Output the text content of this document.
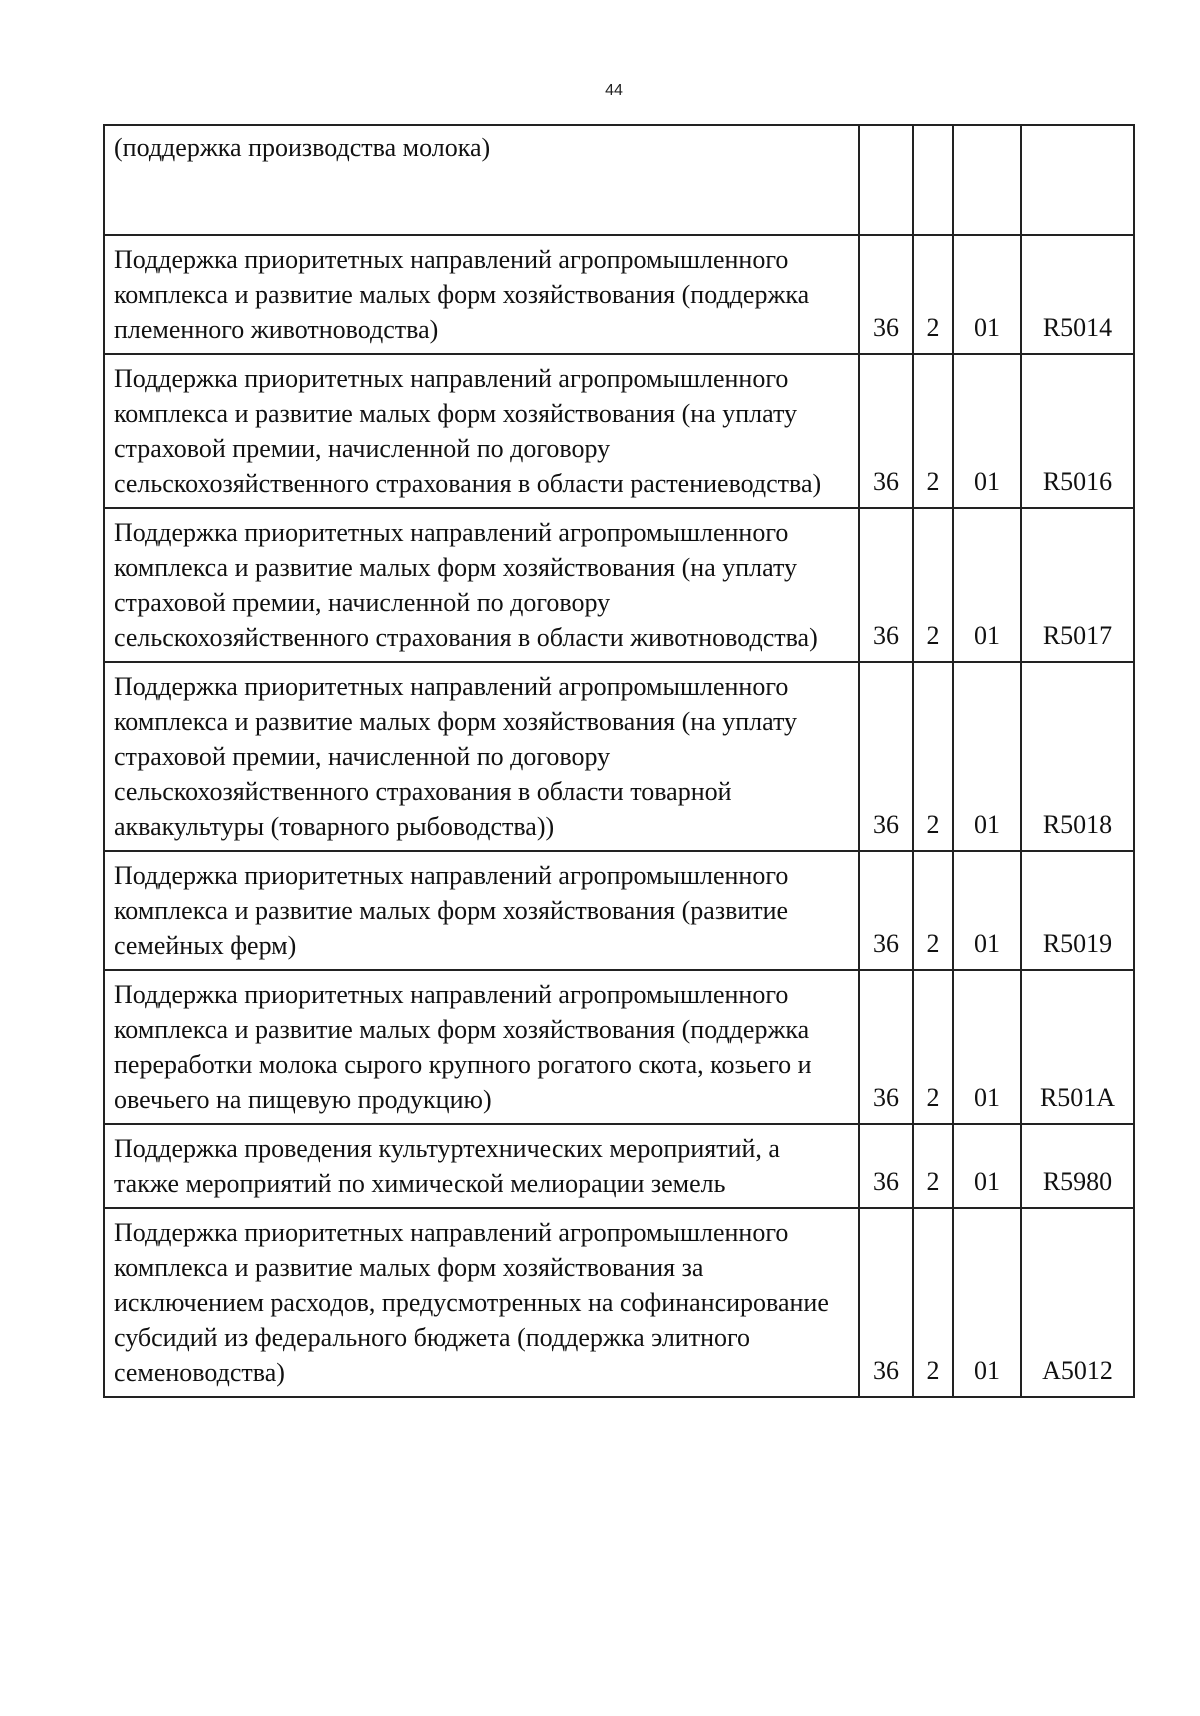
44
(поддержка производства молока)				
Поддержка приоритетных направлений агропромышленного комплекса и развитие малых форм хозяйствования (поддержка племенного животноводства)	36	2	01	R5014
Поддержка приоритетных направлений агропромышленного комплекса и развитие малых форм хозяйствования (на уплату страховой премии, начисленной по договору сельскохозяйственного страхования в области растениеводства)	36	2	01	R5016
Поддержка приоритетных направлений агропромышленного комплекса и развитие малых форм хозяйствования (на уплату страховой премии, начисленной по договору сельскохозяйственного страхования в области животноводства)	36	2	01	R5017
Поддержка приоритетных направлений агропромышленного комплекса и развитие малых форм хозяйствования (на уплату страховой премии, начисленной по договору сельскохозяйственного страхования в области товарной аквакультуры (товарного рыбоводства))	36	2	01	R5018
Поддержка приоритетных направлений агропромышленного комплекса и развитие малых форм хозяйствования (развитие семейных ферм)	36	2	01	R5019
Поддержка приоритетных направлений агропромышленного комплекса и развитие малых форм хозяйствования (поддержка переработки молока сырого крупного рогатого скота, козьего и овечьего на пищевую продукцию)	36	2	01	R501A
Поддержка проведения культуртехнических мероприятий, а также мероприятий по химической мелиорации земель	36	2	01	R5980
Поддержка приоритетных направлений агропромышленного комплекса и развитие малых форм хозяйствования за исключением расходов, предусмотренных на софинансирование субсидий из федерального бюджета (поддержка элитного семеноводства)	36	2	01	A5012
